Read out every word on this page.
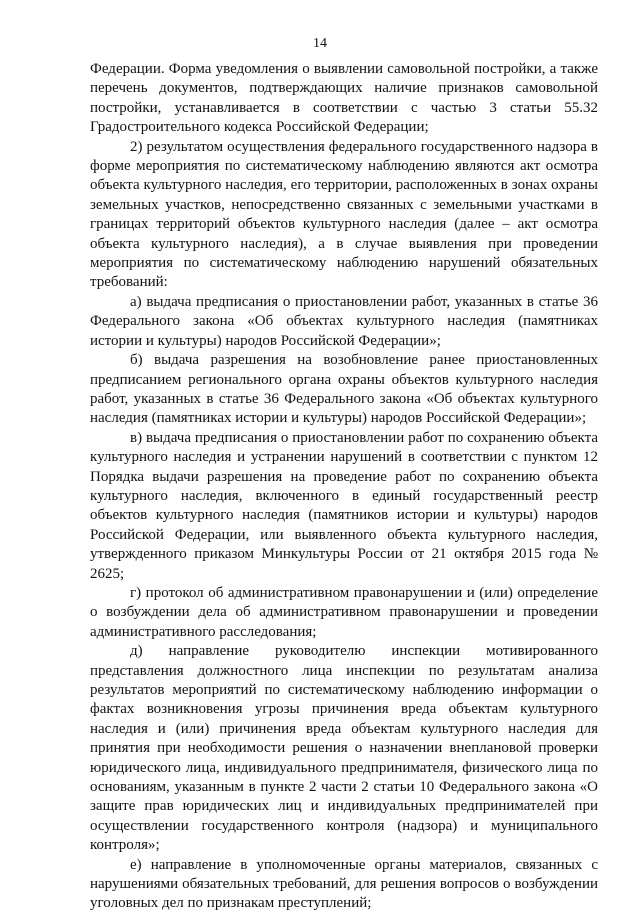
14

Федерации. Форма уведомления о выявлении самовольной постройки, а также перечень документов, подтверждающих наличие признаков самовольной постройки, устанавливается в соответствии с частью 3 статьи 55.32 Градостроительного кодекса Российской Федерации;

2) результатом осуществления федерального государственного надзора в форме мероприятия по систематическому наблюдению являются акт осмотра объекта культурного наследия, его территории, расположенных в зонах охраны земельных участков, непосредственно связанных с земельными участками в границах территорий объектов культурного наследия (далее – акт осмотра объекта культурного наследия), а в случае выявления при проведении мероприятия по систематическому наблюдению нарушений обязательных требований:

а) выдача предписания о приостановлении работ, указанных в статье 36 Федерального закона «Об объектах культурного наследия (памятниках истории и культуры) народов Российской Федерации»;

б) выдача разрешения на возобновление ранее приостановленных предписанием регионального органа охраны объектов культурного наследия работ, указанных в статье 36 Федерального закона «Об объектах культурного наследия (памятниках истории и культуры) народов Российской Федерации»;

в) выдача предписания о приостановлении работ по сохранению объекта культурного наследия и устранении нарушений в соответствии с пунктом 12 Порядка выдачи разрешения на проведение работ по сохранению объекта культурного наследия, включенного в единый государственный реестр объектов культурного наследия (памятников истории и культуры) народов Российской Федерации, или выявленного объекта культурного наследия, утвержденного приказом Минкультуры России от 21 октября 2015 года № 2625;

г) протокол об административном правонарушении и (или) определение о возбуждении дела об административном правонарушении и проведении административного расследования;

д) направление руководителю инспекции мотивированного представления должностного лица инспекции по результатам анализа результатов мероприятий по систематическому наблюдению информации о фактах возникновения угрозы причинения вреда объектам культурного наследия и (или) причинения вреда объектам культурного наследия для принятия при необходимости решения о назначении внеплановой проверки юридического лица, индивидуального предпринимателя, физического лица по основаниям, указанным в пункте 2 части 2 статьи 10 Федерального закона «О защите прав юридических лиц и индивидуальных предпринимателей при осуществлении государственного контроля (надзора) и муниципального контроля»;

е) направление в уполномоченные органы материалов, связанных с нарушениями обязательных требований, для решения вопросов о возбуждении уголовных дел по признакам преступлений;
